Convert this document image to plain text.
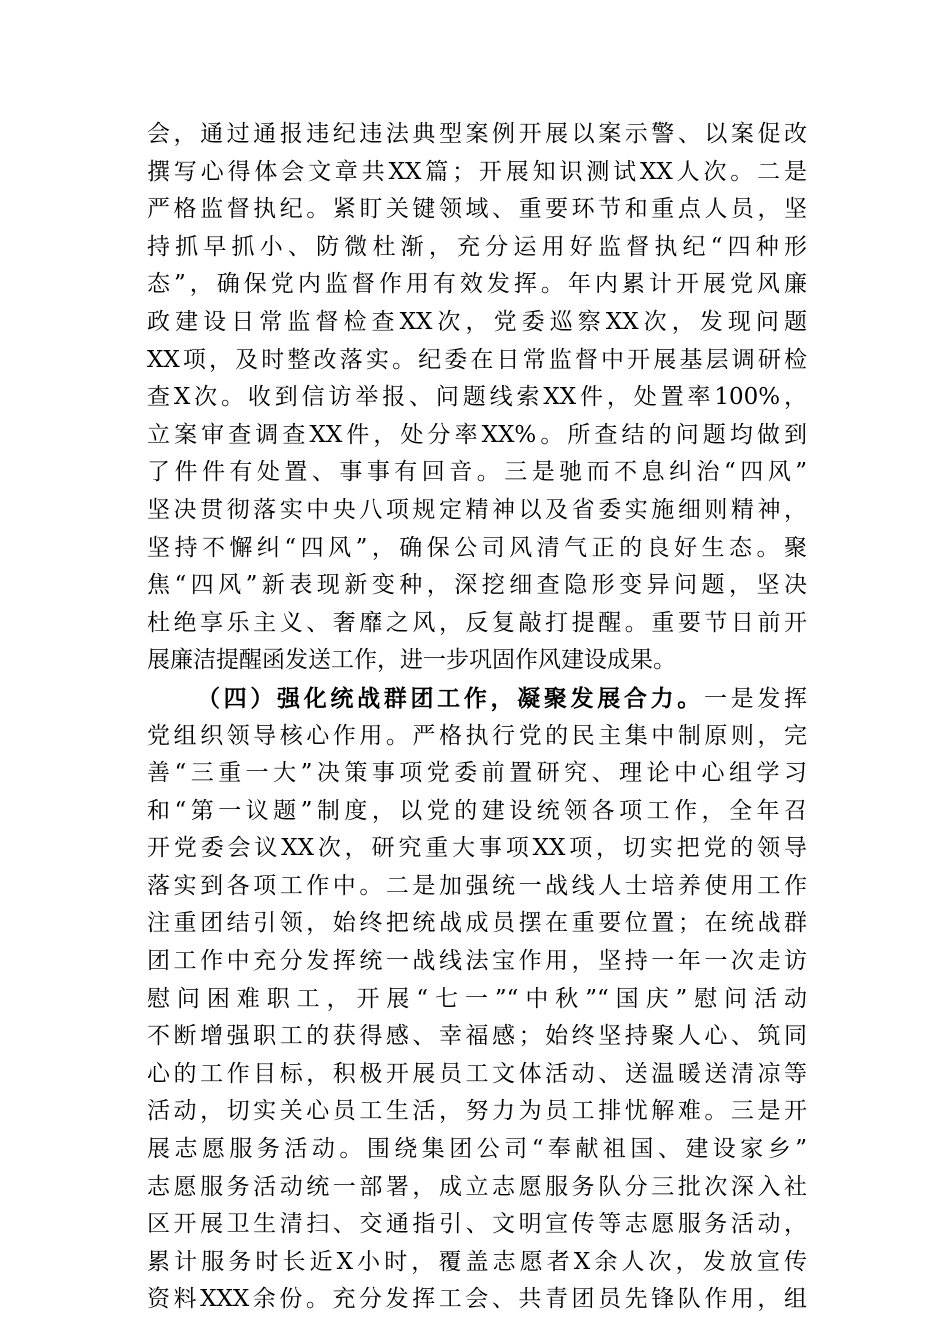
会，通过通报违纪违法典型案例开展以案示警、以案促改
撰写心得体会文章共XX篇；开展知识测试XX人次。二是
严格监督执纪。紧盯关键领域、重要环节和重点人员，坚
持抓早抓小、防微杜渐，充分运用好监督执纪“四种形
态”，确保党内监督作用有效发挥。年内累计开展党风廉
政建设日常监督检查XX次，党委巡察XX次，发现问题
XX项，及时整改落实。纪委在日常监督中开展基层调研检
查X次。收到信访举报、问题线索XX件，处置率100%，
立案审查调查XX件，处分率XX%。所查结的问题均做到
了件件有处置、事事有回音。三是驰而不息纠治“四风”
坚决贯彻落实中央八项规定精神以及省委实施细则精神，
坚持不懈纠“四风”，确保公司风清气正的良好生态。聚
焦“四风”新表现新变种，深挖细查隐形变异问题，坚决
杜绝享乐主义、奢靡之风，反复敲打提醒。重要节日前开
展廉洁提醒函发送工作，进一步巩固作风建设成果。
（四）强化统战群团工作，凝聚发展合力。一是发挥
党组织领导核心作用。严格执行党的民主集中制原则，完
善“三重一大”决策事项党委前置研究、理论中心组学习
和“第一议题”制度，以党的建设统领各项工作，全年召
开党委会议XX次，研究重大事项XX项，切实把党的领导
落实到各项工作中。二是加强统一战线人士培养使用工作
注重团结引领，始终把统战成员摆在重要位置；在统战群
团工作中充分发挥统一战线法宝作用，坚持一年一次走访
慰问困难职工，开展“七一”“中秋”“国庆”慰问活动
不断增强职工的获得感、幸福感；始终坚持聚人心、筑同
心的工作目标，积极开展员工文体活动、送温暖送清凉等
活动，切实关心员工生活，努力为员工排忧解难。三是开
展志愿服务活动。围绕集团公司“奉献祖国、建设家乡”
志愿服务活动统一部署，成立志愿服务队分三批次深入社
区开展卫生清扫、交通指引、文明宣传等志愿服务活动，
累计服务时长近X小时，覆盖志愿者X余人次，发放宣传
资料XXX余份。充分发挥工会、共青团员先锋队作用，组
